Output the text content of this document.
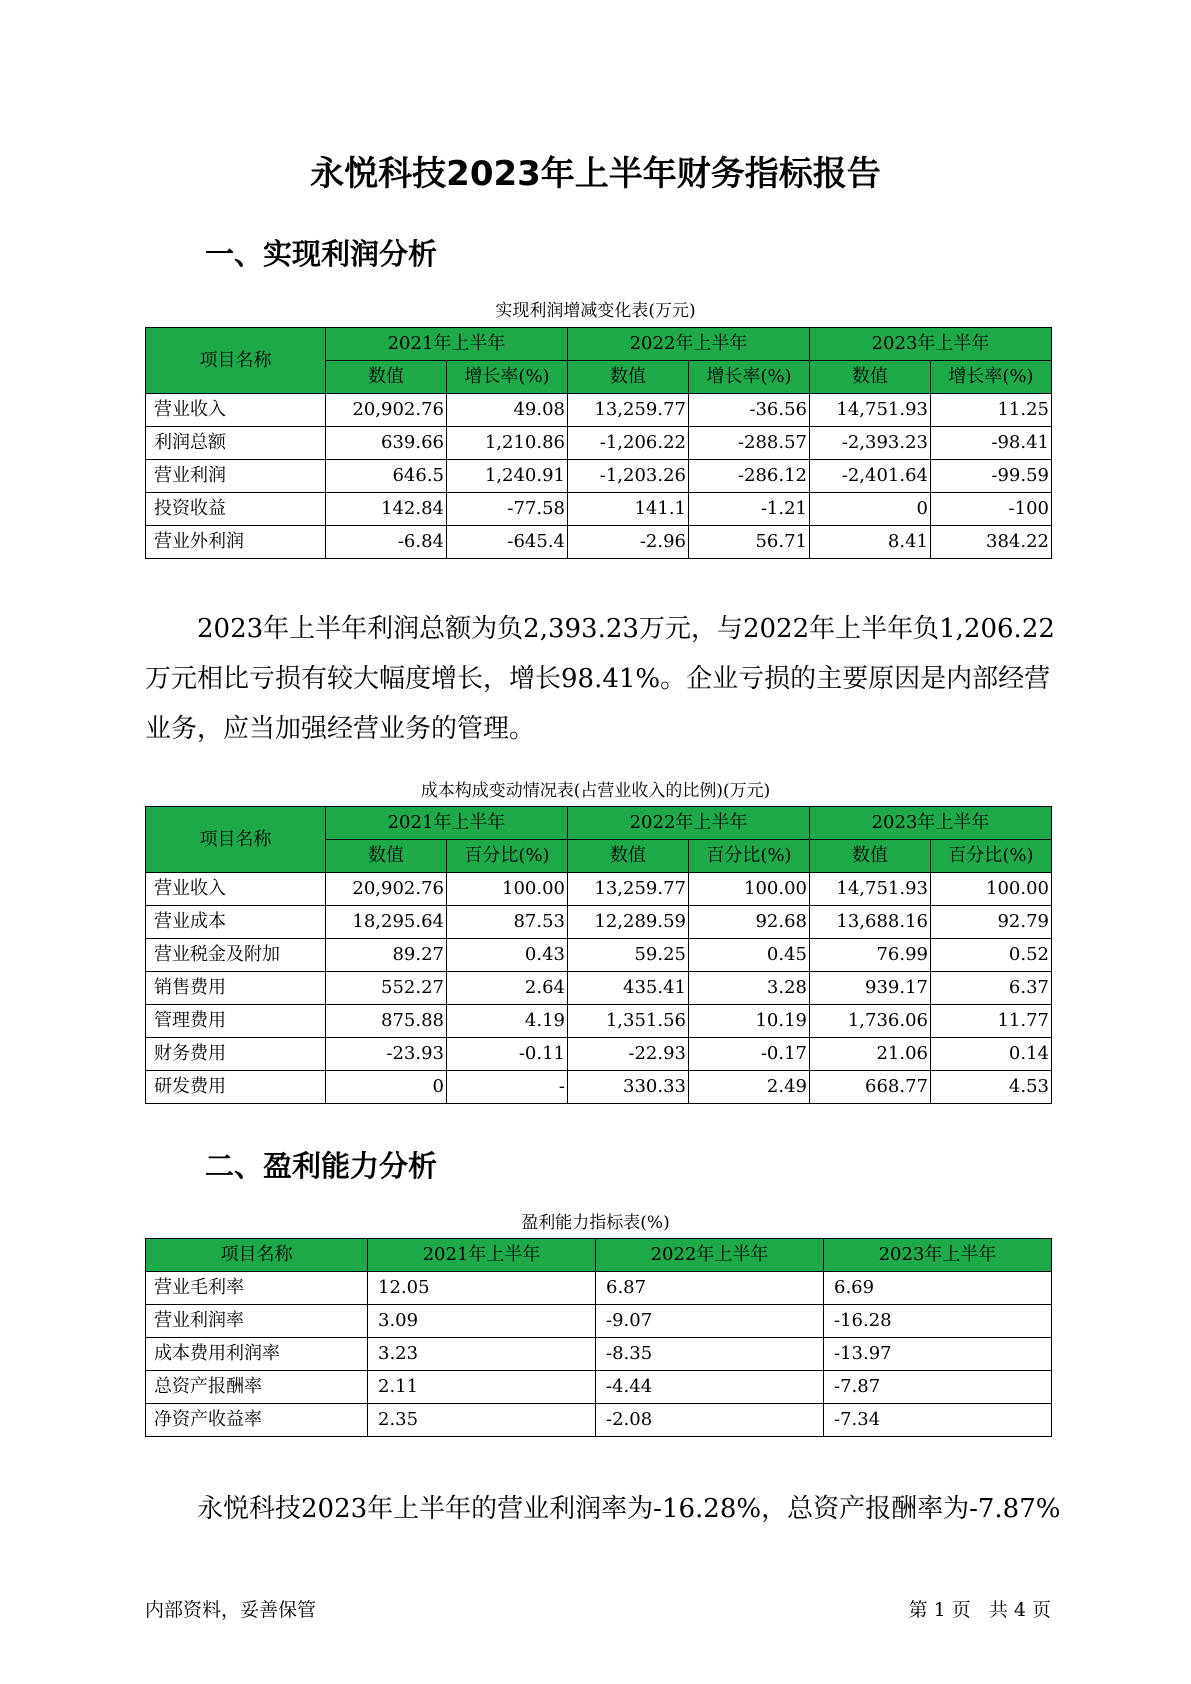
永悦科技2023年上半年财务指标报告
一、实现利润分析
实现利润增减变化表(万元)
项目名称	2021年上半年		2022年上半年		2023年上半年	
	数值	增长率(%)	数值	增长率(%)	数值	增长率(%)
营业收入	20,902.76	49.08	13,259.77	-36.56	14,751.93	11.25
利润总额	639.66	1,210.86	-1,206.22	-288.57	-2,393.23	-98.41
营业利润	646.5	1,240.91	-1,203.26	-286.12	-2,401.64	-99.59
投资收益	142.84	-77.58	141.1	-1.21	0	-100
营业外利润	-6.84	-645.4	-2.96	56.71	8.41	384.22
2023年上半年利润总额为负2,393.23万元，与2022年上半年负1,206.22万元相比亏损有较大幅度增长，增长98.41%。企业亏损的主要原因是内部经营业务，应当加强经营业务的管理。
成本构成变动情况表(占营业收入的比例)(万元)
项目名称	2021年上半年		2022年上半年		2023年上半年	
	数值	百分比(%)	数值	百分比(%)	数值	百分比(%)
营业收入	20,902.76	100.00	13,259.77	100.00	14,751.93	100.00
营业成本	18,295.64	87.53	12,289.59	92.68	13,688.16	92.79
营业税金及附加	89.27	0.43	59.25	0.45	76.99	0.52
销售费用	552.27	2.64	435.41	3.28	939.17	6.37
管理费用	875.88	4.19	1,351.56	10.19	1,736.06	11.77
财务费用	-23.93	-0.11	-22.93	-0.17	21.06	0.14
研发费用	0	-	330.33	2.49	668.77	4.53
二、盈利能力分析
盈利能力指标表(%)
项目名称	2021年上半年	2022年上半年	2023年上半年
营业毛利率	12.05	6.87	6.69
营业利润率	3.09	-9.07	-16.28
成本费用利润率	3.23	-8.35	-13.97
总资产报酬率	2.11	-4.44	-7.87
净资产收益率	2.35	-2.08	-7.34
永悦科技2023年上半年的营业利润率为-16.28%，总资产报酬率为-7.87%
内部资料，妥善保管	第 1 页   共 4 页
